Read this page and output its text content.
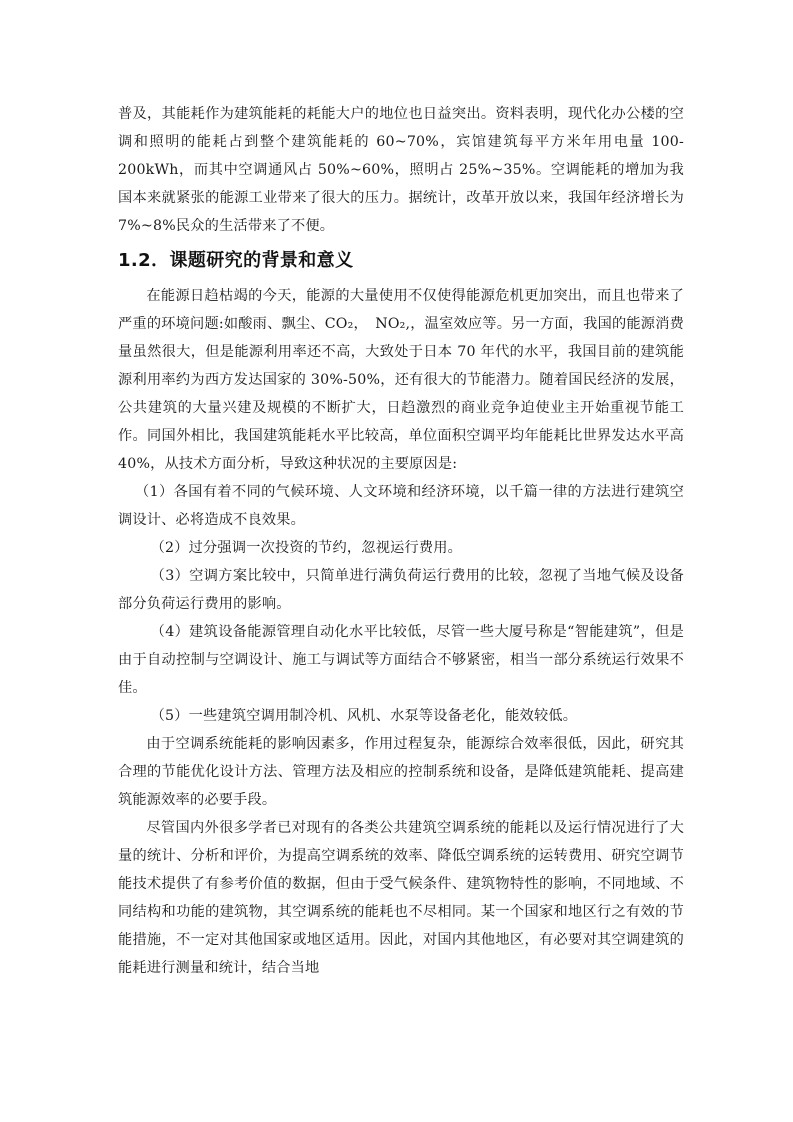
普及，其能耗作为建筑能耗的耗能大户的地位也日益突出。资料表明，现代化办公楼的空调和照明的能耗占到整个建筑能耗的 60~70%，宾馆建筑每平方米年用电量 100-200kWh，而其中空调通风占 50%~60%，照明占 25%~35%。空调能耗的增加为我国本来就紧张的能源工业带来了很大的压力。据统计，改革开放以来，我国年经济增长为 7%~8%民众的生活带来了不便。

1.2．课题研究的背景和意义

在能源日趋枯竭的今天，能源的大量使用不仅使得能源危机更加突出，而且也带来了严重的环境问题:如酸雨、飘尘、CO₂，　NO₂,，温室效应等。另一方面，我国的能源消费量虽然很大，但是能源利用率还不高，大致处于日本 70 年代的水平，我国目前的建筑能源利用率约为西方发达国家的 30%-50%，还有很大的节能潜力。随着国民经济的发展，公共建筑的大量兴建及规模的不断扩大，日趋激烈的商业竞争迫使业主开始重视节能工作。同国外相比，我国建筑能耗水平比较高，单位面积空调平均年能耗比世界发达水平高 40%，从技术方面分析，导致这种状况的主要原因是:

（1）各国有着不同的气候环境、人文环境和经济环境，以千篇一律的方法进行建筑空调设计、必将造成不良效果。

（2）过分强调一次投资的节约，忽视运行费用。

（3）空调方案比较中，只简单进行满负荷运行费用的比较，忽视了当地气候及设备部分负荷运行费用的影响。

（4）建筑设备能源管理自动化水平比较低，尽管一些大厦号称是“智能建筑”，但是由于自动控制与空调设计、施工与调试等方面结合不够紧密，相当一部分系统运行效果不佳。

（5）一些建筑空调用制冷机、风机、水泵等设备老化，能效较低。

由于空调系统能耗的影响因素多，作用过程复杂，能源综合效率很低，因此，研究其合理的节能优化设计方法、管理方法及相应的控制系统和设备，是降低建筑能耗、提高建筑能源效率的必要手段。

尽管国内外很多学者已对现有的各类公共建筑空调系统的能耗以及运行情况进行了大量的统计、分析和评价，为提高空调系统的效率、降低空调系统的运转费用、研究空调节能技术提供了有参考价值的数据，但由于受气候条件、建筑物特性的影响，不同地域、不同结构和功能的建筑物，其空调系统的能耗也不尽相同。某一个国家和地区行之有效的节能措施，不一定对其他国家或地区适用。因此，对国内其他地区，有必要对其空调建筑的能耗进行测量和统计，结合当地
